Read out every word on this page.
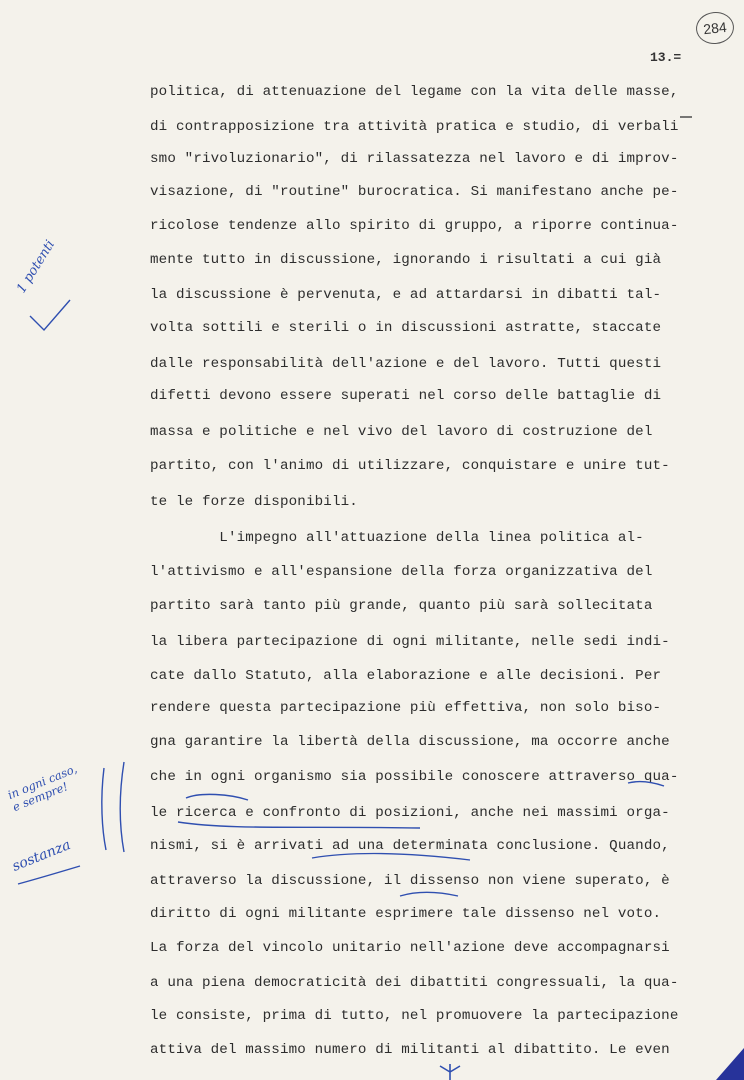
284
13.=
politica, di attenuazione del legame con la vita delle masse,
di contrapposizione tra attività pratica e studio, di verbali
smo "rivoluzionario", di rilassatezza nel lavoro e di improv-
visazione, di "routine" burocratica. Si manifestano anche pe-
ricolose tendenze allo spirito di gruppo, a riporre continua-
mente tutto in discussione, ignorando i risultati a cui già
la discussione è pervenuta, e ad attardarsi in dibatti tal-
volta sottili e sterili o in discussioni astratte, staccate
dalle responsabilità dell'azione e del lavoro. Tutti questi
difetti devono essere superati nel corso delle battaglie di
massa e politiche e nel vivo del lavoro di costruzione del
partito, con l'animo di utilizzare, conquistare e unire tut-
te le forze disponibili.
L'impegno all'attuazione della linea politica al-
l'attivismo e all'espansione della forza organizzativa del
partito sarà tanto più grande, quanto più sarà sollecitata
la libera partecipazione di ogni militante, nelle sedi indi-
cate dallo Statuto, alla elaborazione e alle decisioni. Per
rendere questa partecipazione più effettiva, non solo biso-
gna garantire la libertà della discussione, ma occorre anche
che in ogni organismo sia possibile conoscere attraverso qua-
le ricerca e confronto di posizioni, anche nei massimi orga-
nismi, si è arrivati ad una determinata conclusione. Quando,
attraverso la discussione, il dissenso non viene superato, è
diritto di ogni militante esprimere tale dissenso nel voto.
La forza del vincolo unitario nell'azione deve accompagnarsi
a una piena democraticità dei dibattiti congressuali, la qua-
le consiste, prima di tutto, nel promuovere la partecipazione
attiva del massimo numero di militanti al dibattito. Le even
1 potenti
in ogni caso,
e sempre!
sostanza
